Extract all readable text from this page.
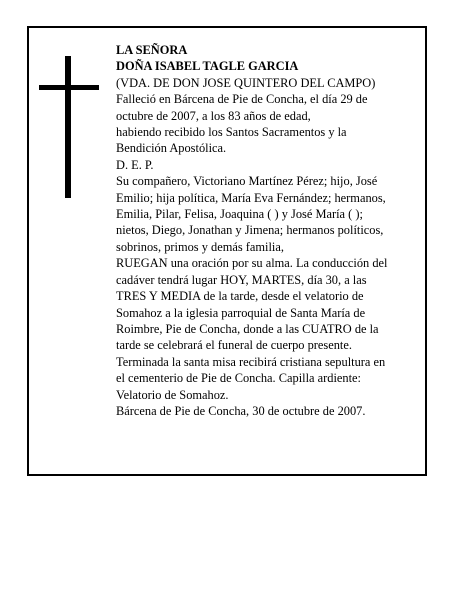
LA SEÑORA
DOÑA ISABEL TAGLE GARCIA
(VDA. DE DON JOSE QUINTERO DEL CAMPO)
Falleció en Bárcena de Pie de Concha, el día 29 de
octubre de 2007, a los 83 años de edad,
habiendo recibido los Santos Sacramentos y la
Bendición Apostólica.
D. E. P.
Su compañero, Victoriano Martínez Pérez; hijo, José
Emilio; hija política, María Eva Fernández; hermanos,
Emilia, Pilar, Felisa, Joaquina ( ) y José María ( );
nietos, Diego, Jonathan y Jimena; hermanos políticos,
sobrinos, primos y demás familia,
RUEGAN una oración por su alma. La conducción del
cadáver tendrá lugar HOY, MARTES, día 30, a las
TRES Y MEDIA de la tarde, desde el velatorio de
Somahoz a la iglesia parroquial de Santa María de
Roimbre, Pie de Concha, donde a las CUATRO de la
tarde se celebrará el funeral de cuerpo presente.
Terminada la santa misa recibirá cristiana sepultura en
el cementerio de Pie de Concha. Capilla ardiente:
Velatorio de Somahoz.
Bárcena de Pie de Concha, 30 de octubre de 2007.
